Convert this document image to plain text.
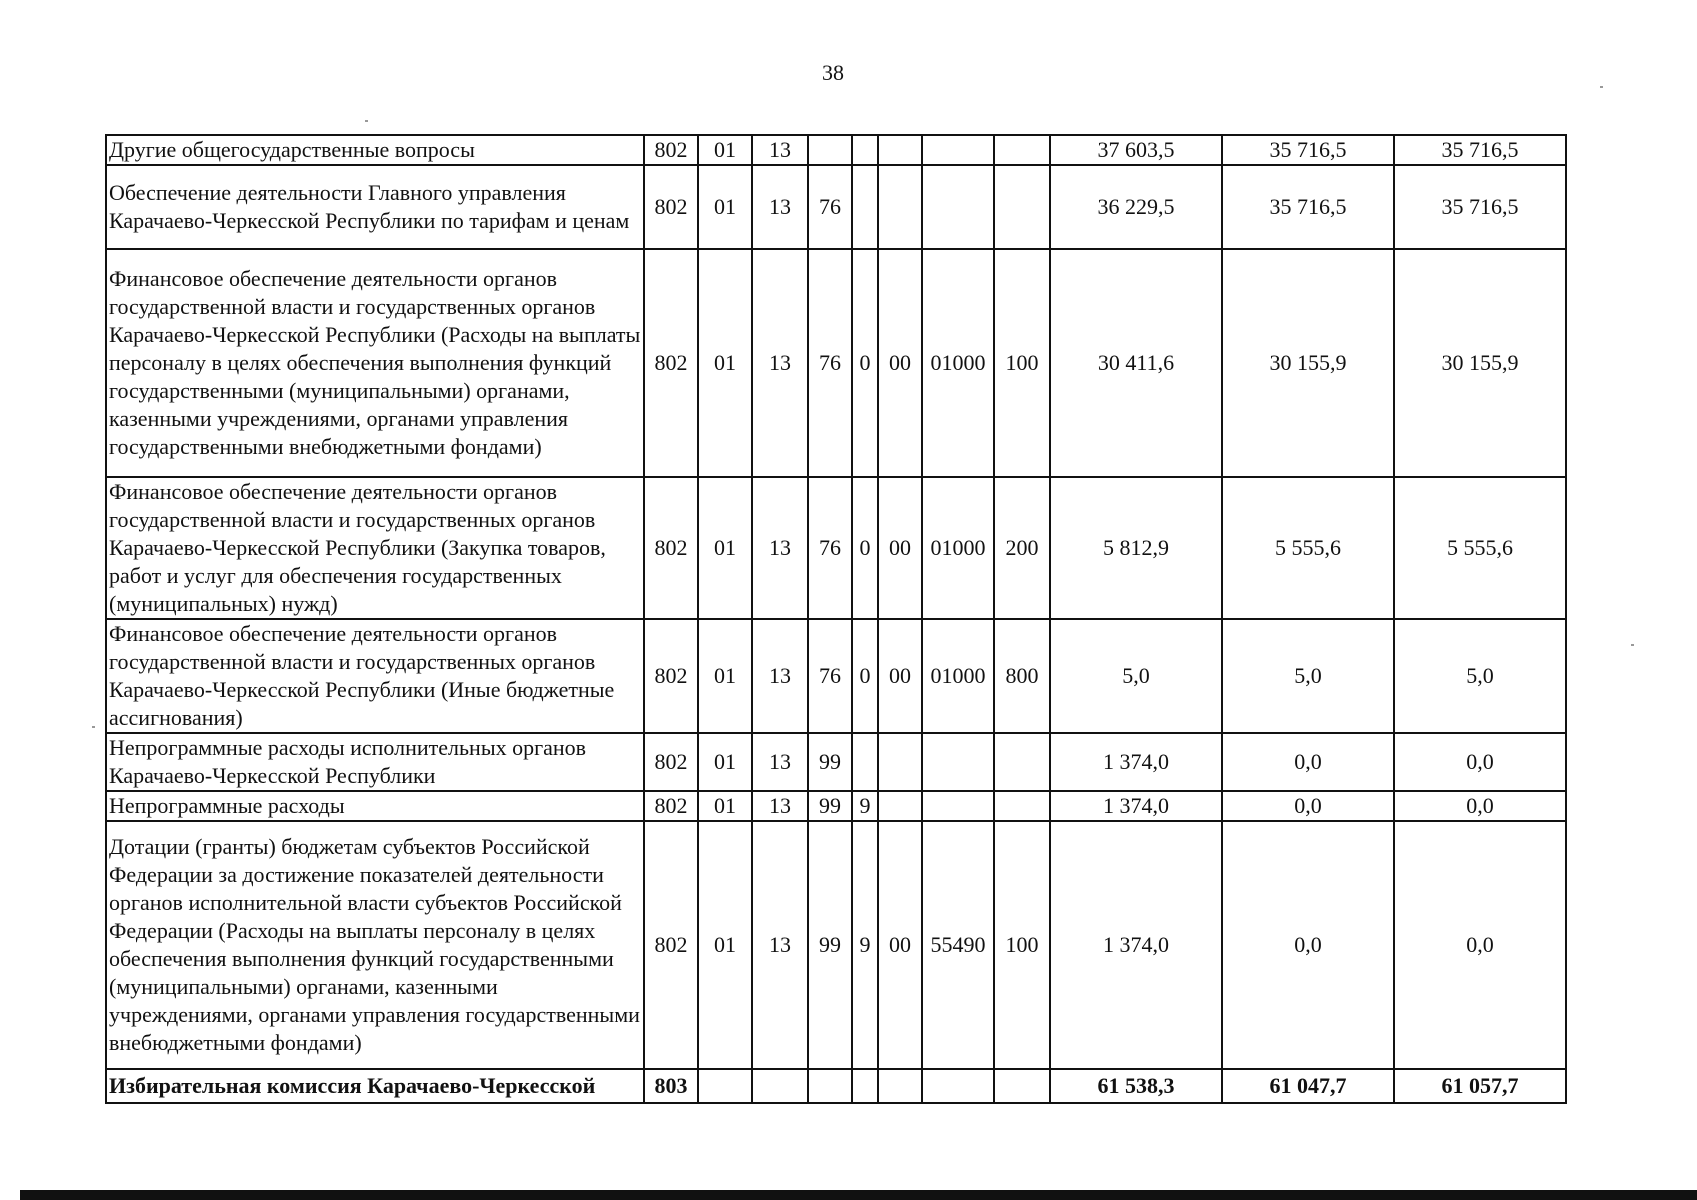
38
Другие общегосударственные вопросы	802	01	13						37 603,5	35 716,5	35 716,5
Обеспечение деятельности Главного управления Карачаево-Черкесской Республики по тарифам и ценам	802	01	13	76					36 229,5	35 716,5	35 716,5
Финансовое обеспечение деятельности органов государственной власти и государственных органов Карачаево-Черкесской Республики (Расходы на выплаты персоналу в целях обеспечения выполнения функций государственными (муниципальными) органами, казенными учреждениями, органами управления государственными внебюджетными фондами)	802	01	13	76	0	00	01000	100	30 411,6	30 155,9	30 155,9
Финансовое обеспечение деятельности органов государственной власти и государственных органов Карачаево-Черкесской Республики (Закупка товаров, работ и услуг для обеспечения государственных (муниципальных) нужд)	802	01	13	76	0	00	01000	200	5 812,9	5 555,6	5 555,6
Финансовое обеспечение деятельности органов государственной власти и государственных органов Карачаево-Черкесской Республики (Иные бюджетные ассигнования)	802	01	13	76	0	00	01000	800	5,0	5,0	5,0
Непрограммные расходы исполнительных органов Карачаево-Черкесской Республики	802	01	13	99					1 374,0	0,0	0,0
Непрограммные расходы	802	01	13	99	9				1 374,0	0,0	0,0
Дотации (гранты) бюджетам субъектов Российской Федерации за достижение показателей деятельности органов исполнительной власти субъектов Российской Федерации (Расходы на выплаты персоналу в целях обеспечения выполнения функций государственными (муниципальными) органами, казенными учреждениями, органами управления государственными внебюджетными фондами)	802	01	13	99	9	00	55490	100	1 374,0	0,0	0,0
Избирательная комиссия Карачаево-Черкесской	803								61 538,3	61 047,7	61 057,7
